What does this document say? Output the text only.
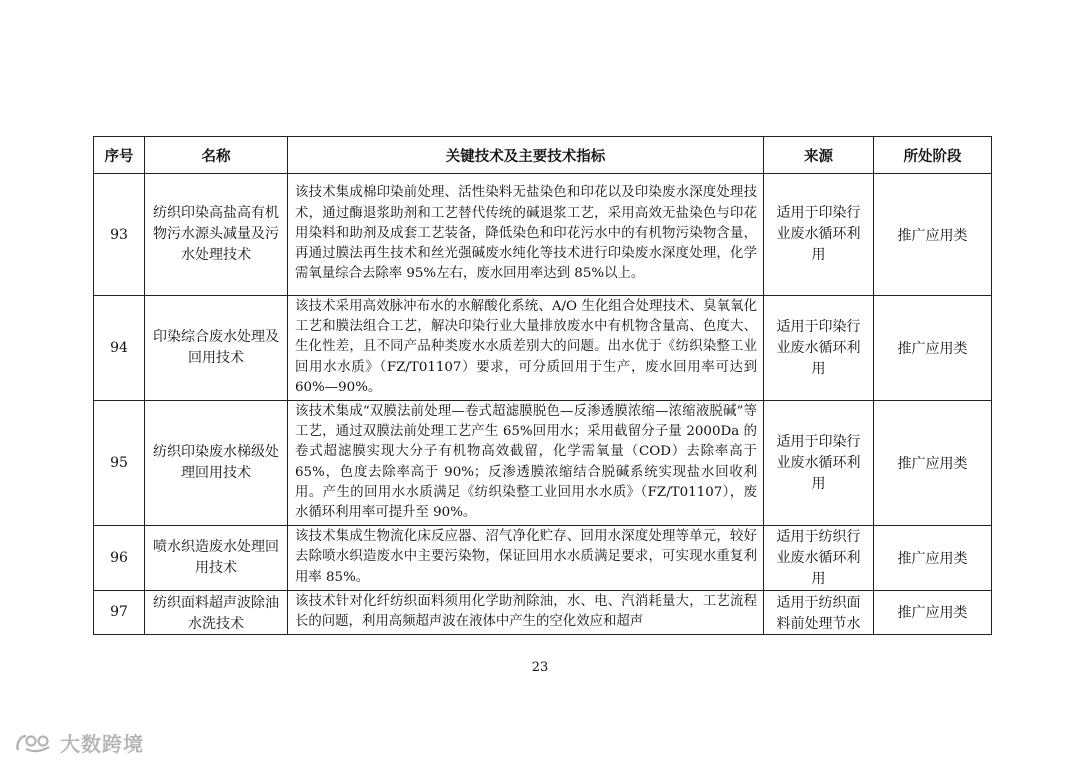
序号	名称	关键技术及主要技术指标	来源	所处阶段
93	纺织印染高盐高有机物污水源头减量及污水处理技术	该技术集成棉印染前处理、活性染料无盐染色和印花以及印染废水深度处理技术，通过酶退浆助剂和工艺替代传统的碱退浆工艺，采用高效无盐染色与印花用染料和助剂及成套工艺装备，降低染色和印花污水中的有机物污染物含量，再通过膜法再生技术和丝光强碱废水纯化等技术进行印染废水深度处理，化学需氧量综合去除率 95%左右，废水回用率达到 85%以上。	适用于印染行业废水循环利用	推广应用类
94	印染综合废水处理及回用技术	该技术采用高效脉冲布水的水解酸化系统、A/O 生化组合处理技术、臭氧氧化工艺和膜法组合工艺，解决印染行业大量排放废水中有机物含量高、色度大、生化性差，且不同产品种类废水水质差别大的问题。出水优于《纺织染整工业回用水水质》（FZ/T01107）要求，可分质回用于生产，废水回用率可达到 60%—90%。	适用于印染行业废水循环利用	推广应用类
95	纺织印染废水梯级处理回用技术	该技术集成“双膜法前处理—卷式超滤膜脱色—反渗透膜浓缩—浓缩液脱碱”等工艺，通过双膜法前处理工艺产生 65%回用水；采用截留分子量 2000Da 的卷式超滤膜实现大分子有机物高效截留，化学需氧量（COD）去除率高于 65%，色度去除率高于 90%；反渗透膜浓缩结合脱碱系统实现盐水回收利用。产生的回用水水质满足《纺织染整工业回用水水质》（FZ/T01107），废水循环利用率可提升至 90%。	适用于印染行业废水循环利用	推广应用类
96	喷水织造废水处理回用技术	该技术集成生物流化床反应器、沼气净化贮存、回用水深度处理等单元，较好去除喷水织造废水中主要污染物，保证回用水水质满足要求，可实现水重复利用率 85%。	适用于纺织行业废水循环利用	推广应用类
97	纺织面料超声波除油水洗技术	该技术针对化纤纺织面料须用化学助剂除油，水、电、汽消耗量大，工艺流程长的问题，利用高频超声波在液体中产生的空化效应和超声	适用于纺织面料前处理节水	推广应用类
23
大数跨境
